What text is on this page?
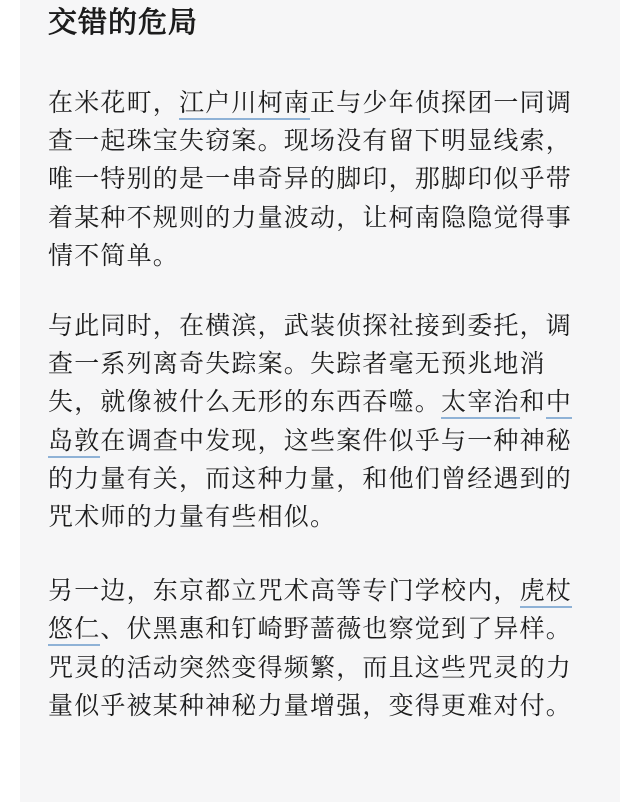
交错的危局

在米花町，江户川柯南正与少年侦探团一同调查一起珠宝失窃案。现场没有留下明显线索，唯一特别的是一串奇异的脚印，那脚印似乎带着某种不规则的力量波动，让柯南隐隐觉得事情不简单。

与此同时，在横滨，武装侦探社接到委托，调查一系列离奇失踪案。失踪者毫无预兆地消失，就像被什么无形的东西吞噬。太宰治和中岛敦在调查中发现，这些案件似乎与一种神秘的力量有关，而这种力量，和他们曾经遇到的咒术师的力量有些相似。

另一边，东京都立咒术高等专门学校内，虎杖悠仁、伏黑惠和钉崎野蔷薇也察觉到了异样。咒灵的活动突然变得频繁，而且这些咒灵的力量似乎被某种神秘力量增强，变得更难对付。
